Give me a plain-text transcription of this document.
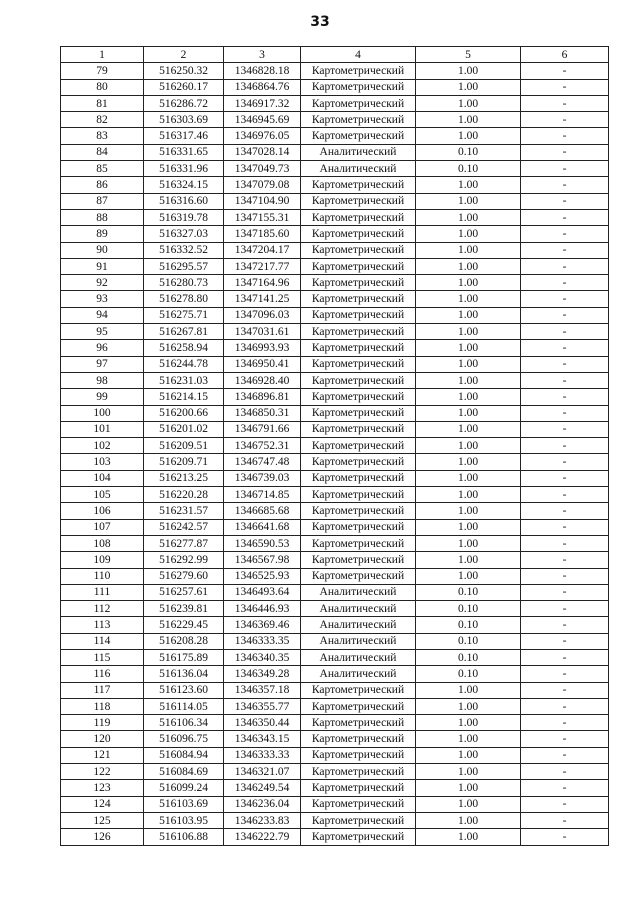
33
1	2	3	4	5	6
79	516250.32	1346828.18	Картометрический	1.00	-
80	516260.17	1346864.76	Картометрический	1.00	-
81	516286.72	1346917.32	Картометрический	1.00	-
82	516303.69	1346945.69	Картометрический	1.00	-
83	516317.46	1346976.05	Картометрический	1.00	-
84	516331.65	1347028.14	Аналитический	0.10	-
85	516331.96	1347049.73	Аналитический	0.10	-
86	516324.15	1347079.08	Картометрический	1.00	-
87	516316.60	1347104.90	Картометрический	1.00	-
88	516319.78	1347155.31	Картометрический	1.00	-
89	516327.03	1347185.60	Картометрический	1.00	-
90	516332.52	1347204.17	Картометрический	1.00	-
91	516295.57	1347217.77	Картометрический	1.00	-
92	516280.73	1347164.96	Картометрический	1.00	-
93	516278.80	1347141.25	Картометрический	1.00	-
94	516275.71	1347096.03	Картометрический	1.00	-
95	516267.81	1347031.61	Картометрический	1.00	-
96	516258.94	1346993.93	Картометрический	1.00	-
97	516244.78	1346950.41	Картометрический	1.00	-
98	516231.03	1346928.40	Картометрический	1.00	-
99	516214.15	1346896.81	Картометрический	1.00	-
100	516200.66	1346850.31	Картометрический	1.00	-
101	516201.02	1346791.66	Картометрический	1.00	-
102	516209.51	1346752.31	Картометрический	1.00	-
103	516209.71	1346747.48	Картометрический	1.00	-
104	516213.25	1346739.03	Картометрический	1.00	-
105	516220.28	1346714.85	Картометрический	1.00	-
106	516231.57	1346685.68	Картометрический	1.00	-
107	516242.57	1346641.68	Картометрический	1.00	-
108	516277.87	1346590.53	Картометрический	1.00	-
109	516292.99	1346567.98	Картометрический	1.00	-
110	516279.60	1346525.93	Картометрический	1.00	-
111	516257.61	1346493.64	Аналитический	0.10	-
112	516239.81	1346446.93	Аналитический	0.10	-
113	516229.45	1346369.46	Аналитический	0.10	-
114	516208.28	1346333.35	Аналитический	0.10	-
115	516175.89	1346340.35	Аналитический	0.10	-
116	516136.04	1346349.28	Аналитический	0.10	-
117	516123.60	1346357.18	Картометрический	1.00	-
118	516114.05	1346355.77	Картометрический	1.00	-
119	516106.34	1346350.44	Картометрический	1.00	-
120	516096.75	1346343.15	Картометрический	1.00	-
121	516084.94	1346333.33	Картометрический	1.00	-
122	516084.69	1346321.07	Картометрический	1.00	-
123	516099.24	1346249.54	Картометрический	1.00	-
124	516103.69	1346236.04	Картометрический	1.00	-
125	516103.95	1346233.83	Картометрический	1.00	-
126	516106.88	1346222.79	Картометрический	1.00	-
